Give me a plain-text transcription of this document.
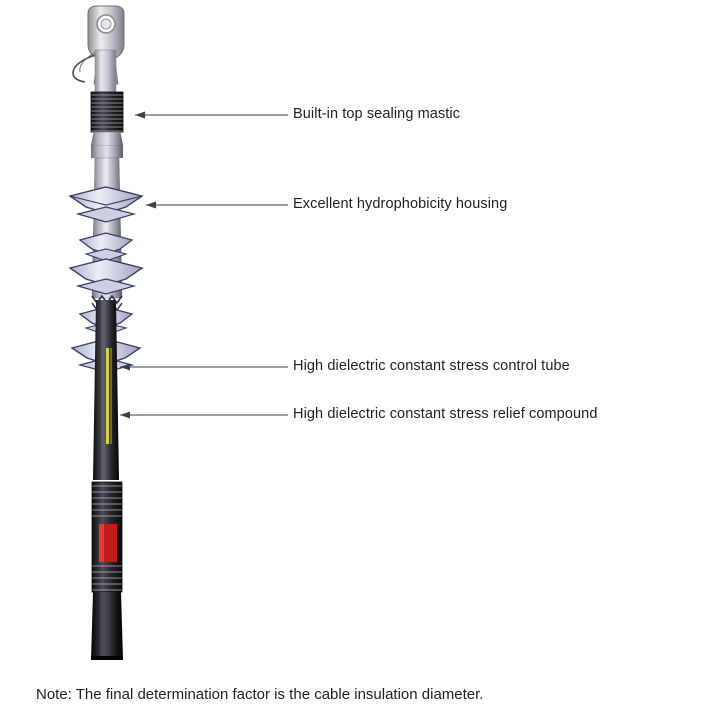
Built-in top sealing mastic
Excellent hydrophobicity housing
High dielectric constant stress control tube
High dielectric constant stress relief compound
Note: The final determination factor is the cable insulation diameter.
